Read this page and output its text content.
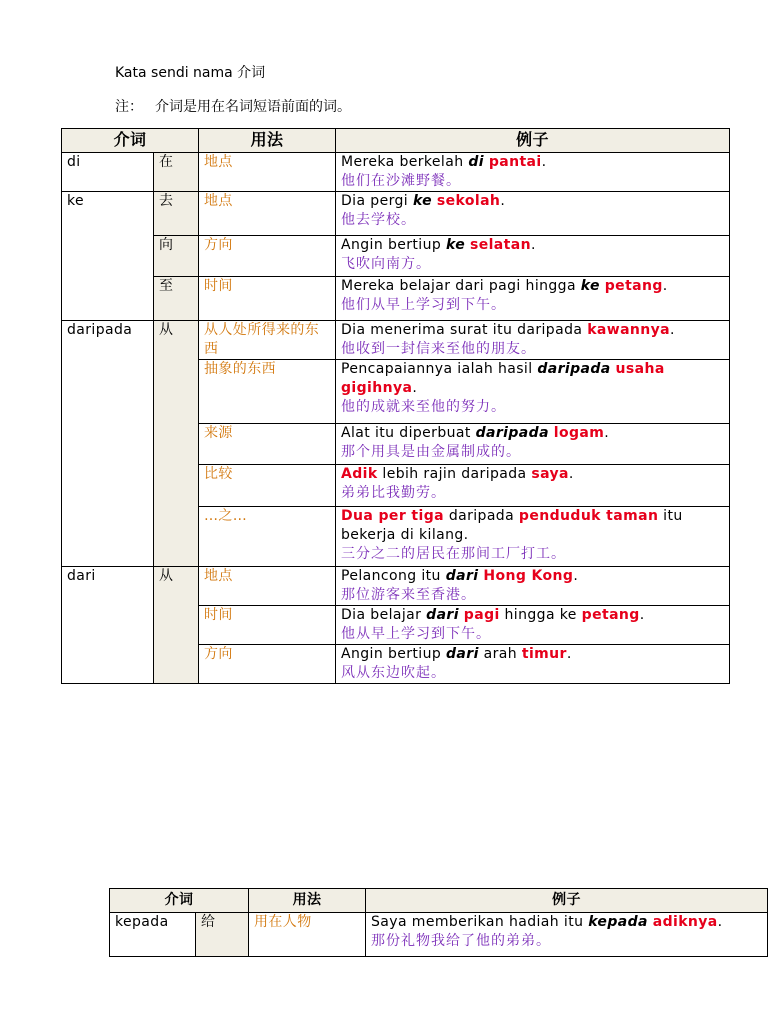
Kata sendi nama 介词
注： 介词是用在名词短语前面的词。
介词		用法	例子
di	在	地点	Mereka berkelah di pantai.
他们在沙滩野餐。

ke	去	地点	Dia pergi ke sekolah.
他去学校。

	向	方向	Angin bertiup ke selatan.
飞吹向南方。

	至	时间	Mereka belajar dari pagi hingga ke petang.
他们从早上学习到下午。

daripada	从	从人处所得来的东西	Dia menerima surat itu daripada kawannya.
他收到一封信来至他的朋友。

		抽象的东西	Pencapaiannya ialah hasil daripada usaha gigihnya.
他的成就来至他的努力。

		来源	Alat itu diperbuat daripada logam.
那个用具是由金属制成的。

		比较	Adik lebih rajin daripada saya.
弟弟比我勤劳。

		…之…	Dua per tiga daripada penduduk taman itu bekerja di kilang.
三分之二的居民在那间工厂打工。

dari	从	地点	Pelancong itu dari Hong Kong.
那位游客来至香港。

		时间	Dia belajar dari pagi hingga ke petang.
他从早上学习到下午。

		方向	Angin bertiup dari arah timur.
风从东边吹起。
介词		用法	例子
kepada	给	用在人物	Saya memberikan hadiah itu kepada adiknya.
那份礼物我给了他的弟弟。
